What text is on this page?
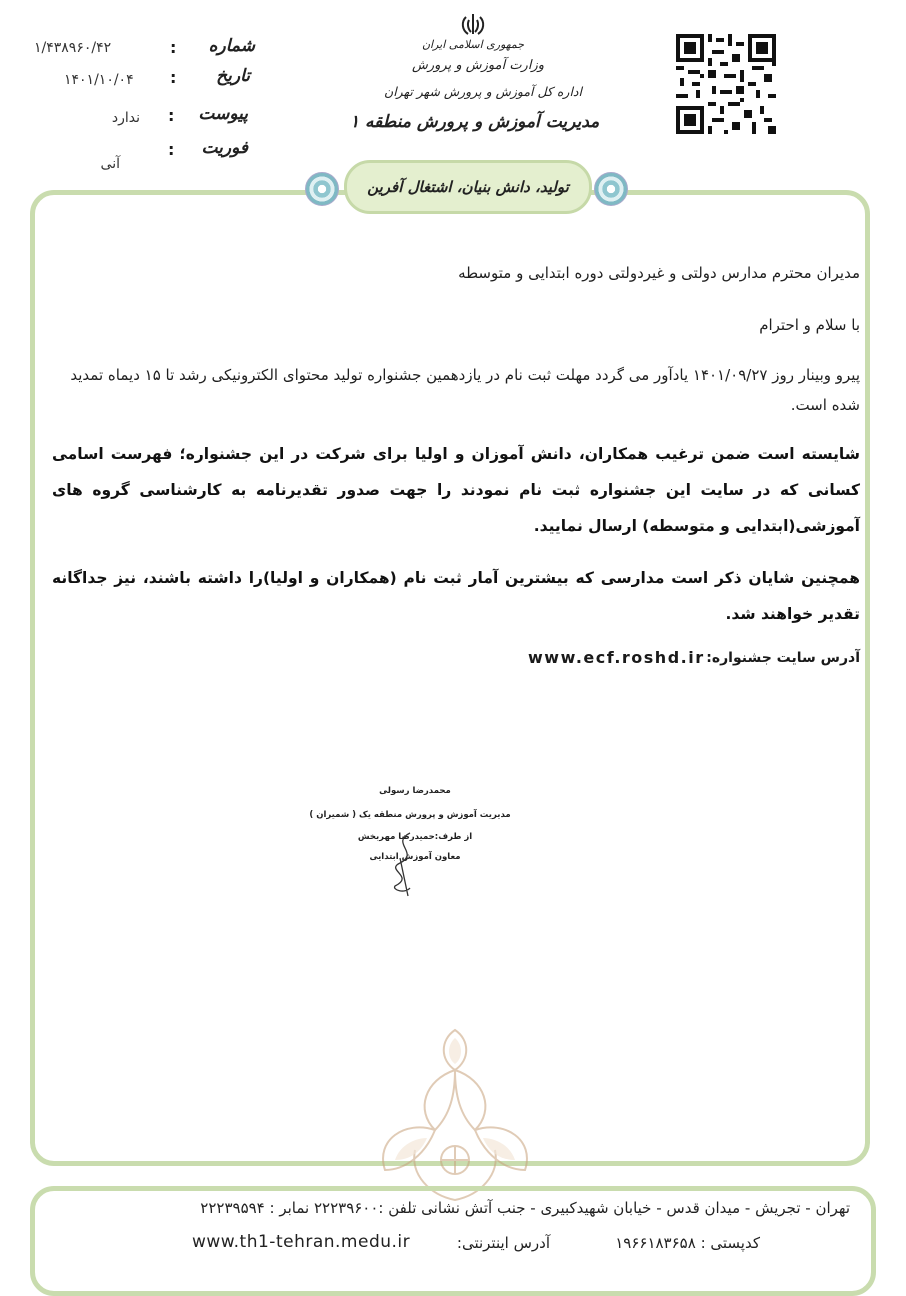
جمهوری اسلامی ایران
وزارت آموزش و پرورش
اداره کل آموزش و پرورش شهر تهران
مدیریت آموزش و پرورش منطقه ۱
شماره
:
۱/۴۳۸۹۶۰/۴۲
تاریخ
:
۱۴۰۱/۱۰/۰۴
پیوست
:
ندارد
فوریت
:
آنی
تولید، دانش بنیان، اشتغال آفرین
مدیران محترم مدارس دولتی و غیردولتی دوره ابتدایی و متوسطه
با سلام و احترام
پیرو وبینار روز ۱۴۰۱/۰۹/۲۷ یادآور می گردد مهلت ثبت نام در یازدهمین جشنواره تولید محتوای الکترونیکی رشد تا ۱۵ دیماه تمدید شده است.
شایسته است ضمن ترغیب همکاران، دانش آموزان و اولیا برای شرکت در این جشنواره؛ فهرست اسامی کسانی که در سایت این جشنواره ثبت نام نمودند را جهت صدور تقدیرنامه به کارشناسی گروه های آموزشی(ابتدایی و متوسطه) ارسال نمایید.
همچنین شایان ذکر است مدارسی که بیشترین آمار ثبت نام (همکاران و اولیا)را داشته باشند، نیز جداگانه تقدیر خواهند شد.
www.ecf.roshd.ir آدرس سایت جشنواره:
محمدرضا رسولی
مدیریت آموزش و پرورش منطقه یک ( شمیران )
از طرف:حمیدرضا مهربخش
معاون آموزش ابتدایی
تهران - تجریش - میدان قدس - خیابان شهیدکبیری - جنب آتش نشانی تلفن :۲۲۲۳۹۶۰۰ نمابر : ۲۲۲۳۹۵۹۴
کدپستی : ۱۹۶۶۱۸۳۶۵۸
آدرس اینترنتی:
www.th1-tehran.medu.ir
